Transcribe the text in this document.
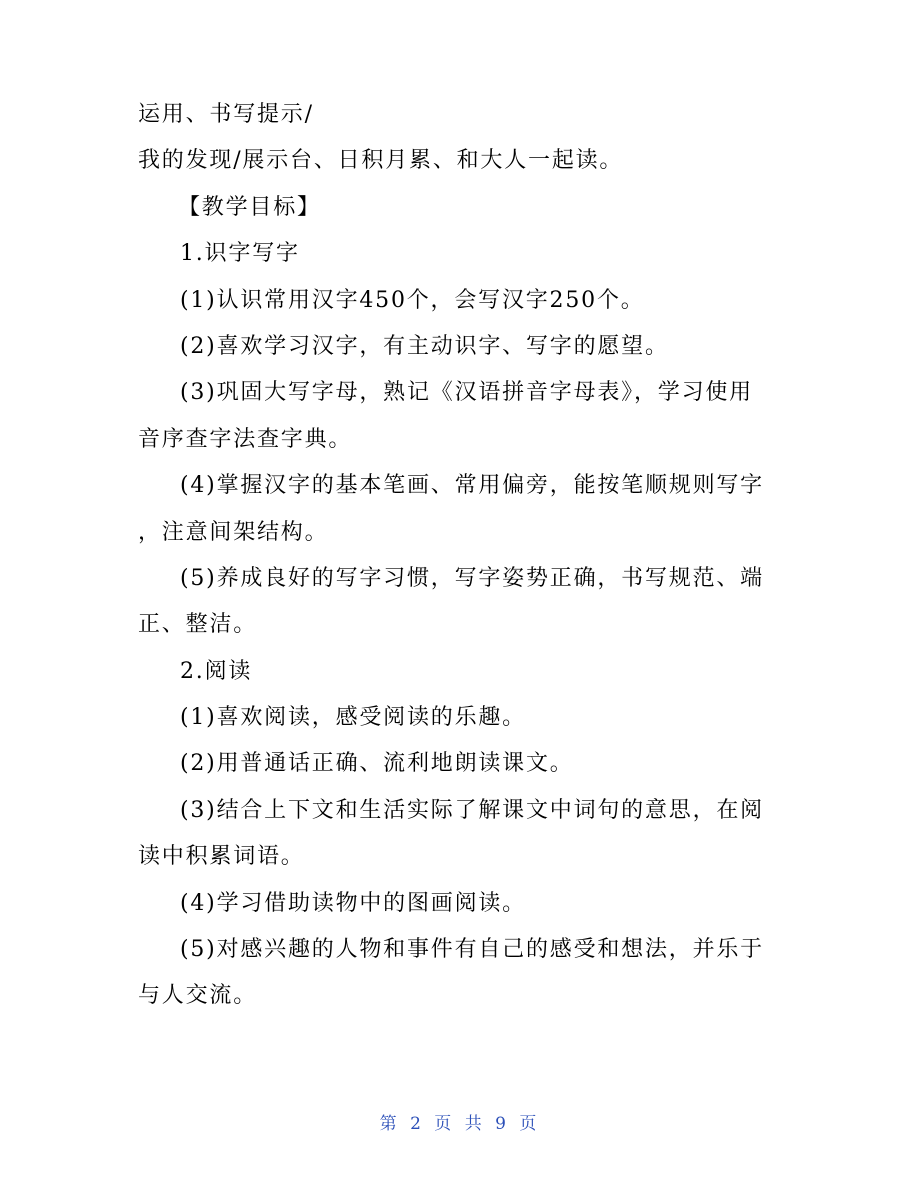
运用、书写提示/
我的发现/展示台、日积月累、和大人一起读。
【教学目标】
1.识字写字
(1)认识常用汉字450个，会写汉字250个。
(2)喜欢学习汉字，有主动识字、写字的愿望。
(3)巩固大写字母，熟记《汉语拼音字母表》，学习使用
音序查字法查字典。
(4)掌握汉字的基本笔画、常用偏旁，能按笔顺规则写字
，注意间架结构。
(5)养成良好的写字习惯，写字姿势正确，书写规范、端
正、整洁。
2.阅读
(1)喜欢阅读，感受阅读的乐趣。
(2)用普通话正确、流利地朗读课文。
(3)结合上下文和生活实际了解课文中词句的意思，在阅
读中积累词语。
(4)学习借助读物中的图画阅读。
(5)对感兴趣的人物和事件有自己的感受和想法，并乐于
与人交流。
第 2 页 共 9 页
